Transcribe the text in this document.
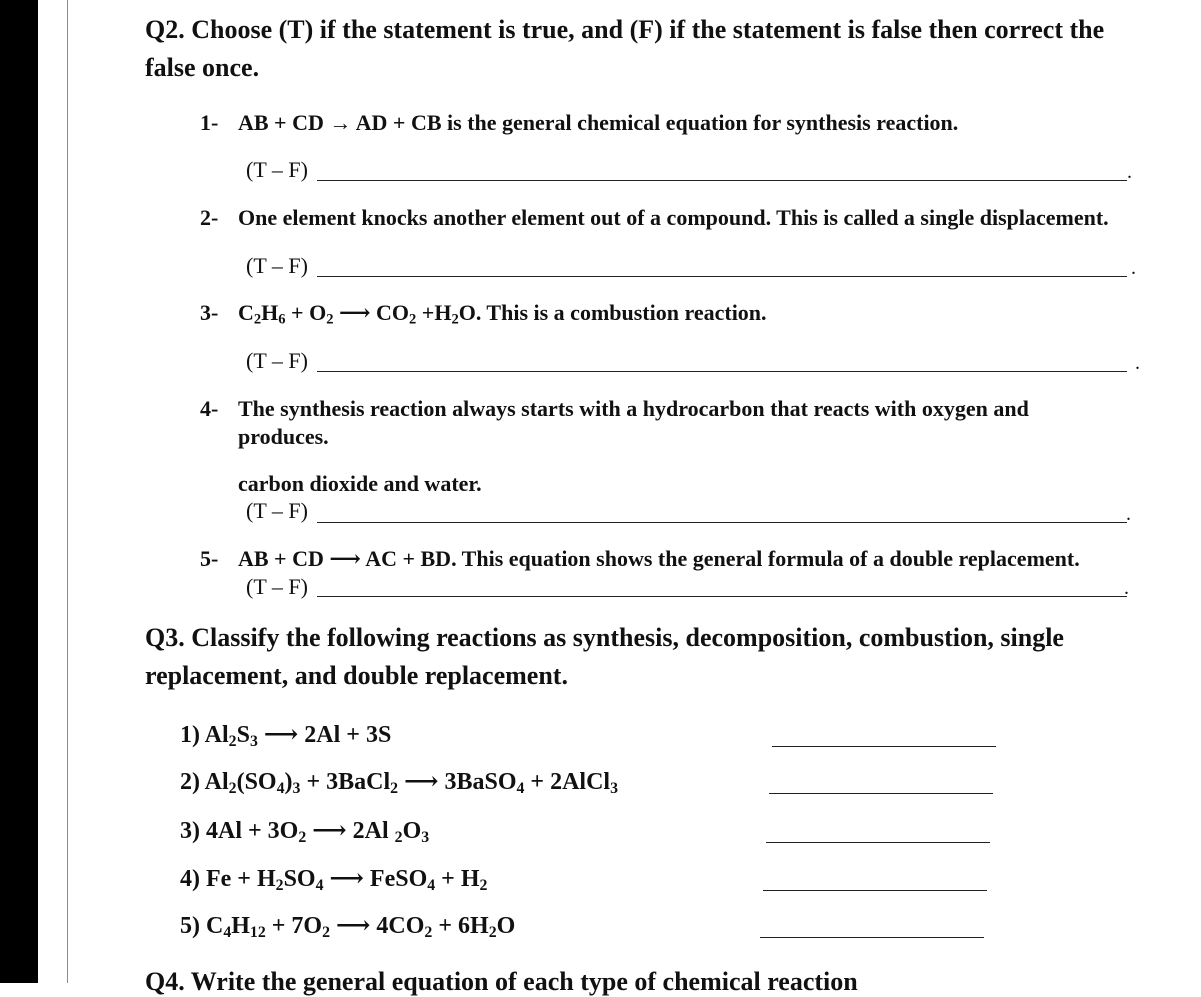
Q2. Choose (T) if the statement is true, and (F) if the statement is false then correct the false once.

1- AB + CD → AD + CB is the general chemical equation for synthesis reaction.
(T – F)	.
2- One element knocks another element out of a compound. This is called a single displacement.
(T – F)	.
3- $C_2H_6 + O_2$ ⟶ $CO_2 +H_2O$. This is a combustion reaction.
(T – F)	.
4- The synthesis reaction always starts with a hydrocarbon that reacts with oxygen and
produces.
carbon dioxide and water.
(T – F)	.
5- AB + CD ⟶ AC + BD. This equation shows the general formula of a double replacement.
(T – F)	.

Q3. Classify the following reactions as synthesis, decomposition, combustion, single replacement, and double replacement.

1) $Al_2S_3$ ⟶ 2Al + 3S
2) $Al_2(SO_4)_3$ + 3BaCl$_2$ ⟶ 3BaSO$_4$ + 2AlCl$_3$
3) $4Al + 3O_2$ ⟶ 2Al $_2O_3$
4) $Fe + H_2SO_4$ ⟶ FeSO$_4$ + $H_2$
5) $C_4H_{12} + 7O_2$ ⟶ $4CO_2 + 6H_2O$
Q4. Write the general equation of each type of chemical reaction
